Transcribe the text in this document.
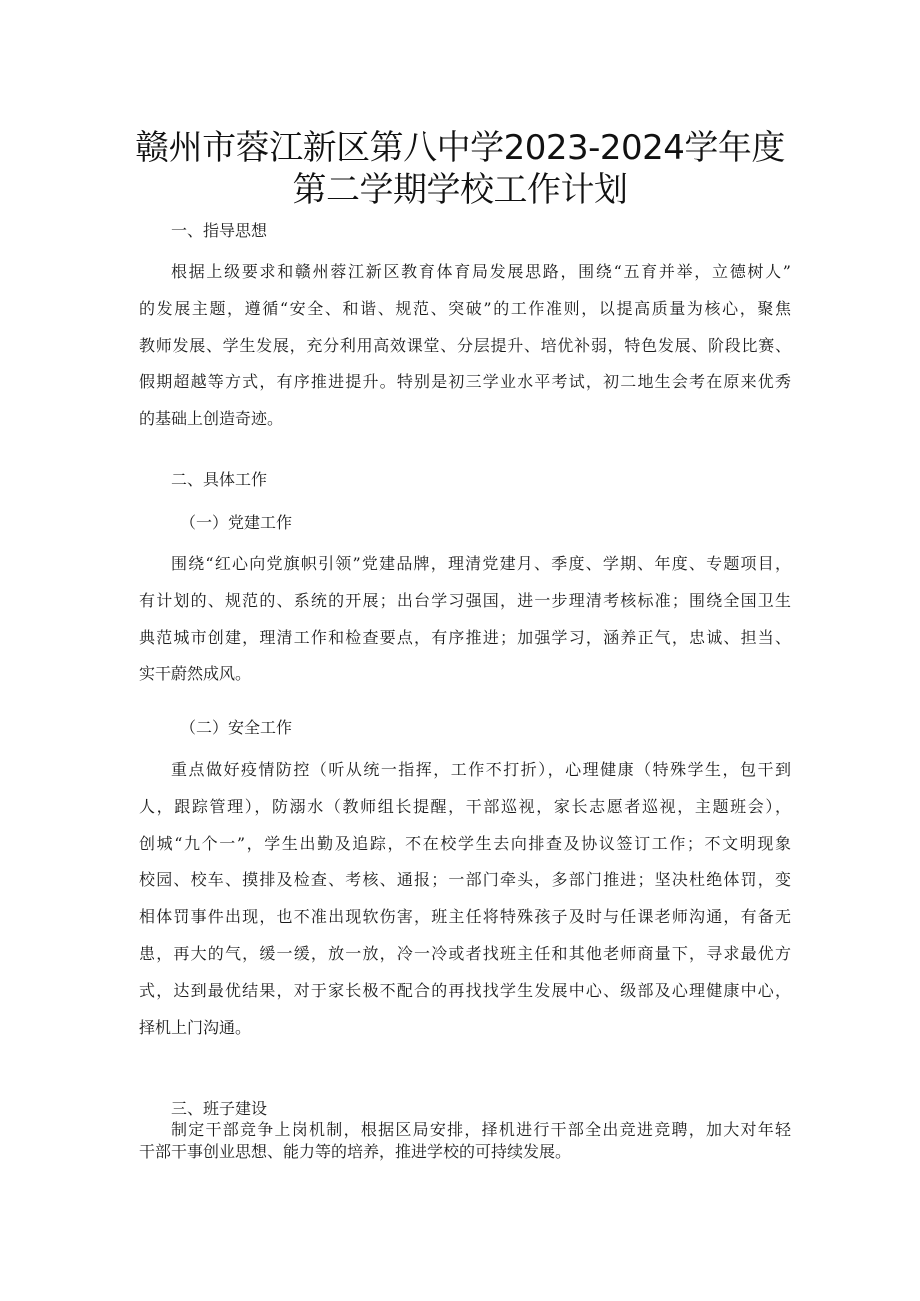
赣州市蓉江新区第八中学2023-2024学年度
第二学期学校工作计划
一、指导思想
根据上级要求和赣州蓉江新区教育体育局发展思路，围绕“五育并举，立德树人”
的发展主题，遵循“安全、和谐、规范、突破”的工作准则，以提高质量为核心，聚焦
教师发展、学生发展，充分利用高效课堂、分层提升、培优补弱，特色发展、阶段比赛、
假期超越等方式，有序推进提升。特别是初三学业水平考试，初二地生会考在原来优秀
的基础上创造奇迹。
二、具体工作
（一）党建工作
围绕“红心向党旗帜引领”党建品牌，理清党建月、季度、学期、年度、专题项目，
有计划的、规范的、系统的开展；出台学习强国，进一步理清考核标准；围绕全国卫生
典范城市创建，理清工作和检查要点，有序推进；加强学习，涵养正气，忠诚、担当、
实干蔚然成风。
（二）安全工作
重点做好疫情防控（听从统一指挥，工作不打折），心理健康（特殊学生，包干到
人，跟踪管理），防溺水（教师组长提醒，干部巡视，家长志愿者巡视，主题班会），
创城“九个一”，学生出勤及追踪，不在校学生去向排查及协议签订工作；不文明现象
校园、校车、摸排及检查、考核、通报；一部门牵头，多部门推进；坚决杜绝体罚，变
相体罚事件出现，也不准出现软伤害，班主任将特殊孩子及时与任课老师沟通，有备无
患，再大的气，缓一缓，放一放，冷一冷或者找班主任和其他老师商量下，寻求最优方
式，达到最优结果，对于家长极不配合的再找找学生发展中心、级部及心理健康中心，
择机上门沟通。
三、班子建设
制定干部竞争上岗机制，根据区局安排，择机进行干部全出竞进竞聘，加大对年轻
干部干事创业思想、能力等的培养，推进学校的可持续发展。
